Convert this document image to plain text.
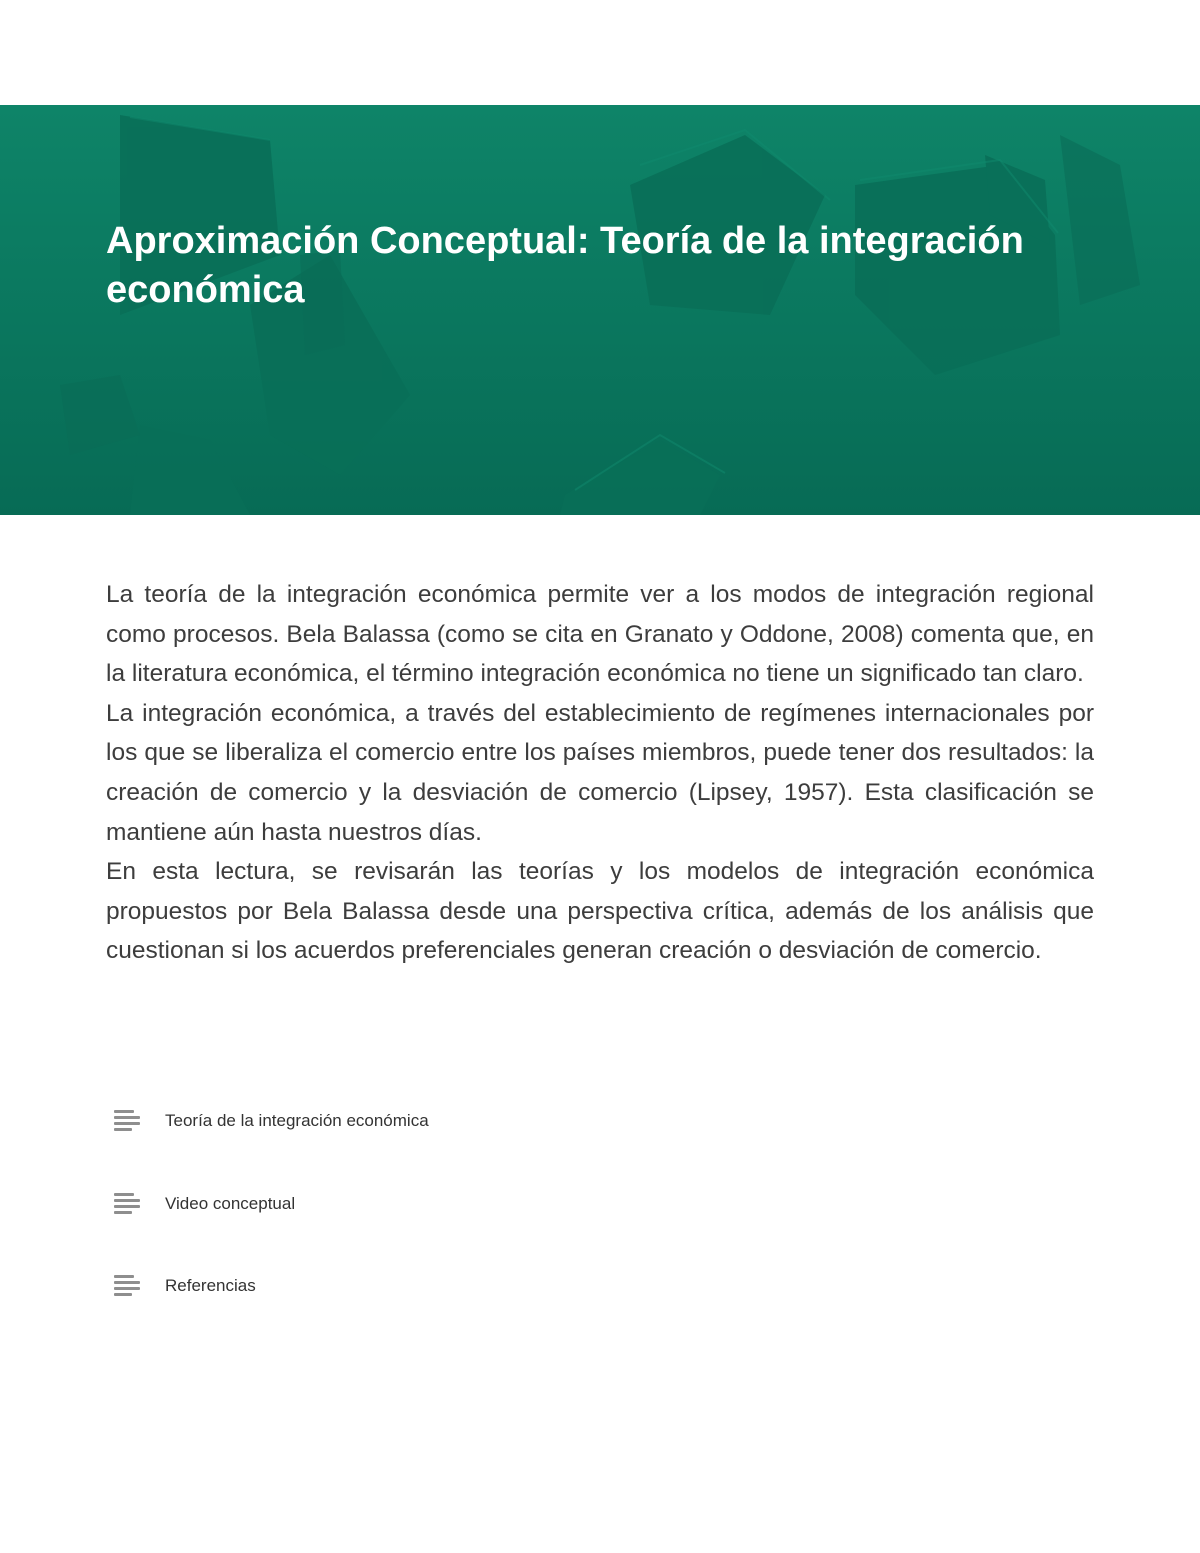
Aproximación Conceptual: Teoría de la integración económica

La teoría de la integración económica permite ver a los modos de integración regional como procesos. Bela Balassa (como se cita en Granato y Oddone, 2008) comenta que, en la literatura económica, el término integración económica no tiene un significado tan claro.

La integración económica, a través del establecimiento de regímenes internacionales por los que se liberaliza el comercio entre los países miembros, puede tener dos resultados: la creación de comercio y la desviación de comercio (Lipsey, 1957). Esta clasificación se mantiene aún hasta nuestros días.

En esta lectura, se revisarán las teorías y los modelos de integración económica propuestos por Bela Balassa desde una perspectiva crítica, además de los análisis que cuestionan si los acuerdos preferenciales generan creación o desviación de comercio.

Teoría de la integración económica
Video conceptual
Referencias
